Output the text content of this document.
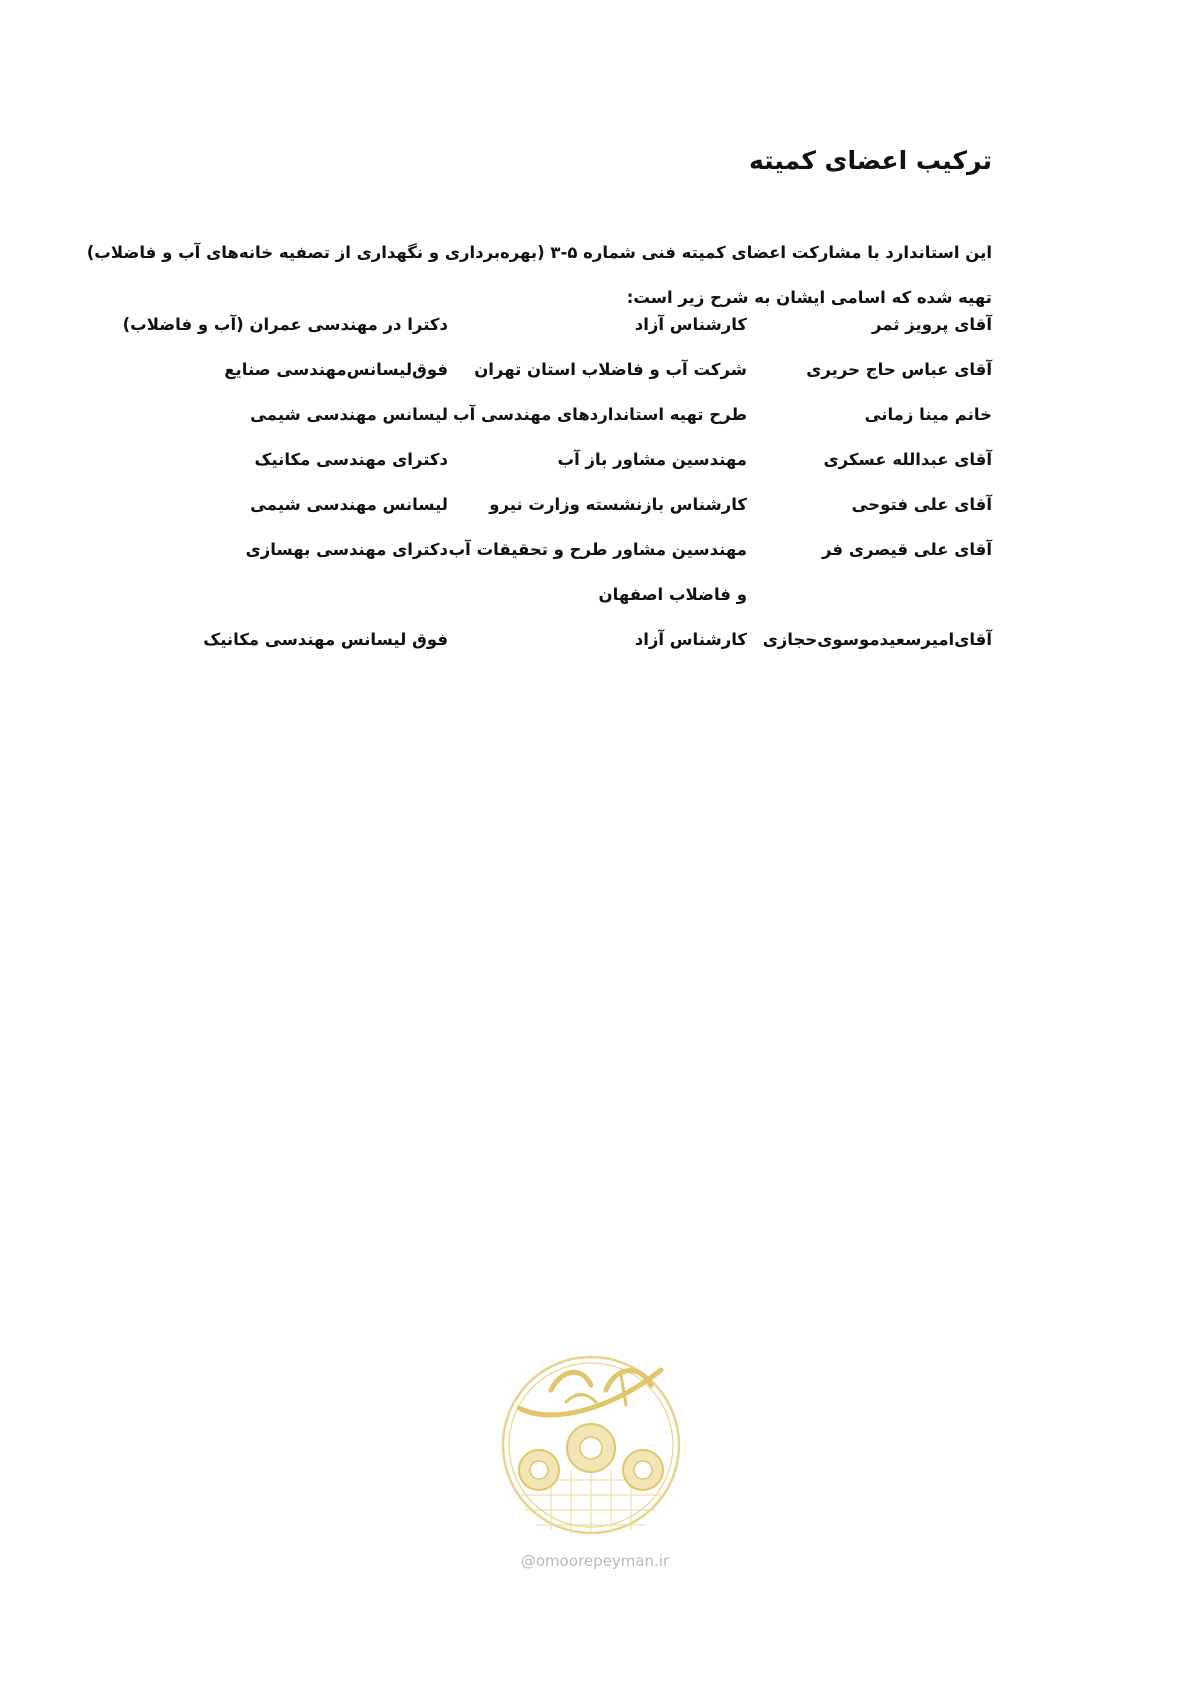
ترکیب اعضای کمیته
این استاندارد با مشارکت اعضای کمیته فنی شماره ۵-۳ (بهره‌برداری و نگهداری از تصفیه خانه‌های آب و فاضلاب)
تهیه شده که اسامی ایشان به شرح زیر است:
آقای پرویز ثمر
کارشناس آزاد
دکترا در مهندسی عمران (آب و فاضلاب)
آقای عباس حاج حریری
شرکت آب و فاضلاب استان تهران
فوق‌لیسانس‌مهندسی صنایع
خانم مینا زمانی
طرح تهیه استانداردهای مهندسی آب
لیسانس مهندسی شیمی
آقای عبدالله عسکری
مهندسین مشاور باز آب
دکترای مهندسی مکانیک
آقای علی فتوحی
کارشناس بازنشسته وزارت نیرو
لیسانس مهندسی شیمی
آقای علی قیصری فر
مهندسین مشاور طرح و تحقیقات آب
دکترای مهندسی بهسازی
و فاضلاب اصفهان
آقای‌امیرسعیدموسوی‌حجازی
کارشناس آزاد
فوق لیسانس مهندسی مکانیک
@omoorepeyman.ir
